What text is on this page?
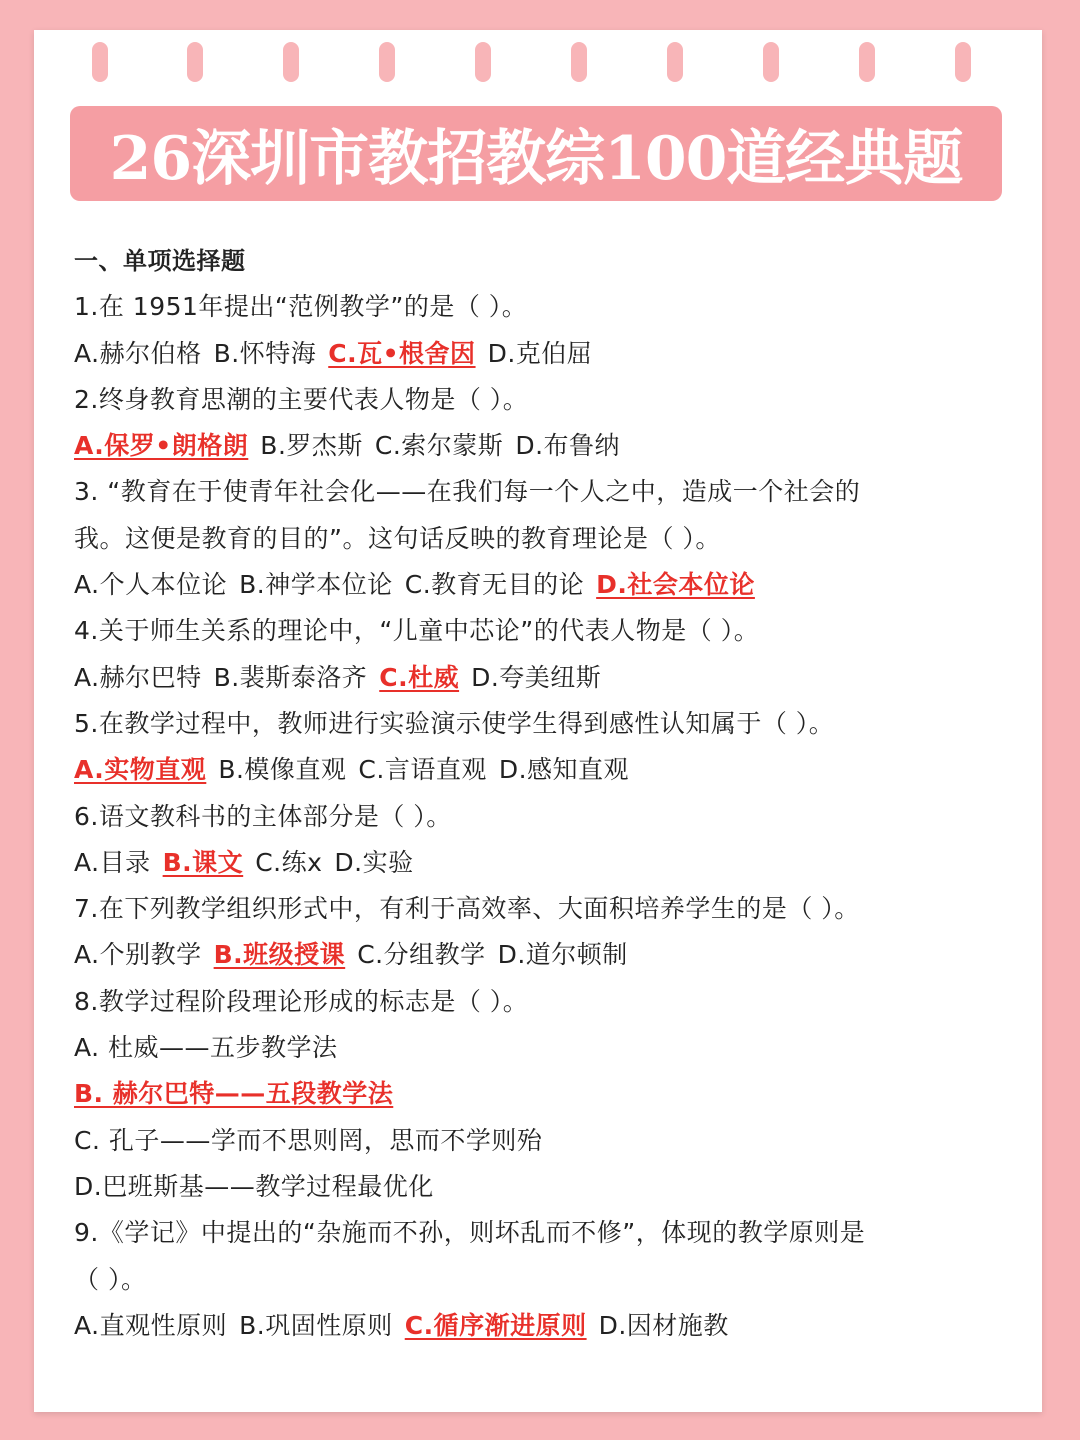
26深圳市教招教综100道经典题
一、单项选择题
1.在 1951年提出“范例教学”的是（ ）。
A.赫尔伯格 B.怀特海 C.瓦•根舍因 D.克伯屈
2.终身教育思潮的主要代表人物是（ ）。
A.保罗•朗格朗 B.罗杰斯 C.索尔蒙斯 D.布鲁纳
3. “教育在于使青年社会化——在我们每一个人之中，造成一个社会的
我。这便是教育的目的”。这句话反映的教育理论是（ ）。
A.个人本位论 B.神学本位论 C.教育无目的论 D.社会本位论
4.关于师生关系的理论中，“儿童中芯论”的代表人物是（ ）。
A.赫尔巴特 B.裴斯泰洛齐 C.杜威 D.夸美纽斯
5.在教学过程中，教师进行实验演示使学生得到感性认知属于（ ）。
A.实物直观 B.模像直观 C.言语直观 D.感知直观
6.语文教科书的主体部分是（ ）。
A.目录 B.课文 C.练x D.实验
7.在下列教学组织形式中，有利于高效率、大面积培养学生的是（ ）。
A.个别教学 B.班级授课 C.分组教学 D.道尔顿制
8.教学过程阶段理论形成的标志是（ ）。
A. 杜威——五步教学法
B. 赫尔巴特——五段教学法
C. 孔子——学而不思则罔，思而不学则殆
D.巴班斯基——教学过程最优化
9.《学记》中提出的“杂施而不孙，则坏乱而不修”，体现的教学原则是
（ ）。
A.直观性原则 B.巩固性原则 C.循序渐进原则 D.因材施教
